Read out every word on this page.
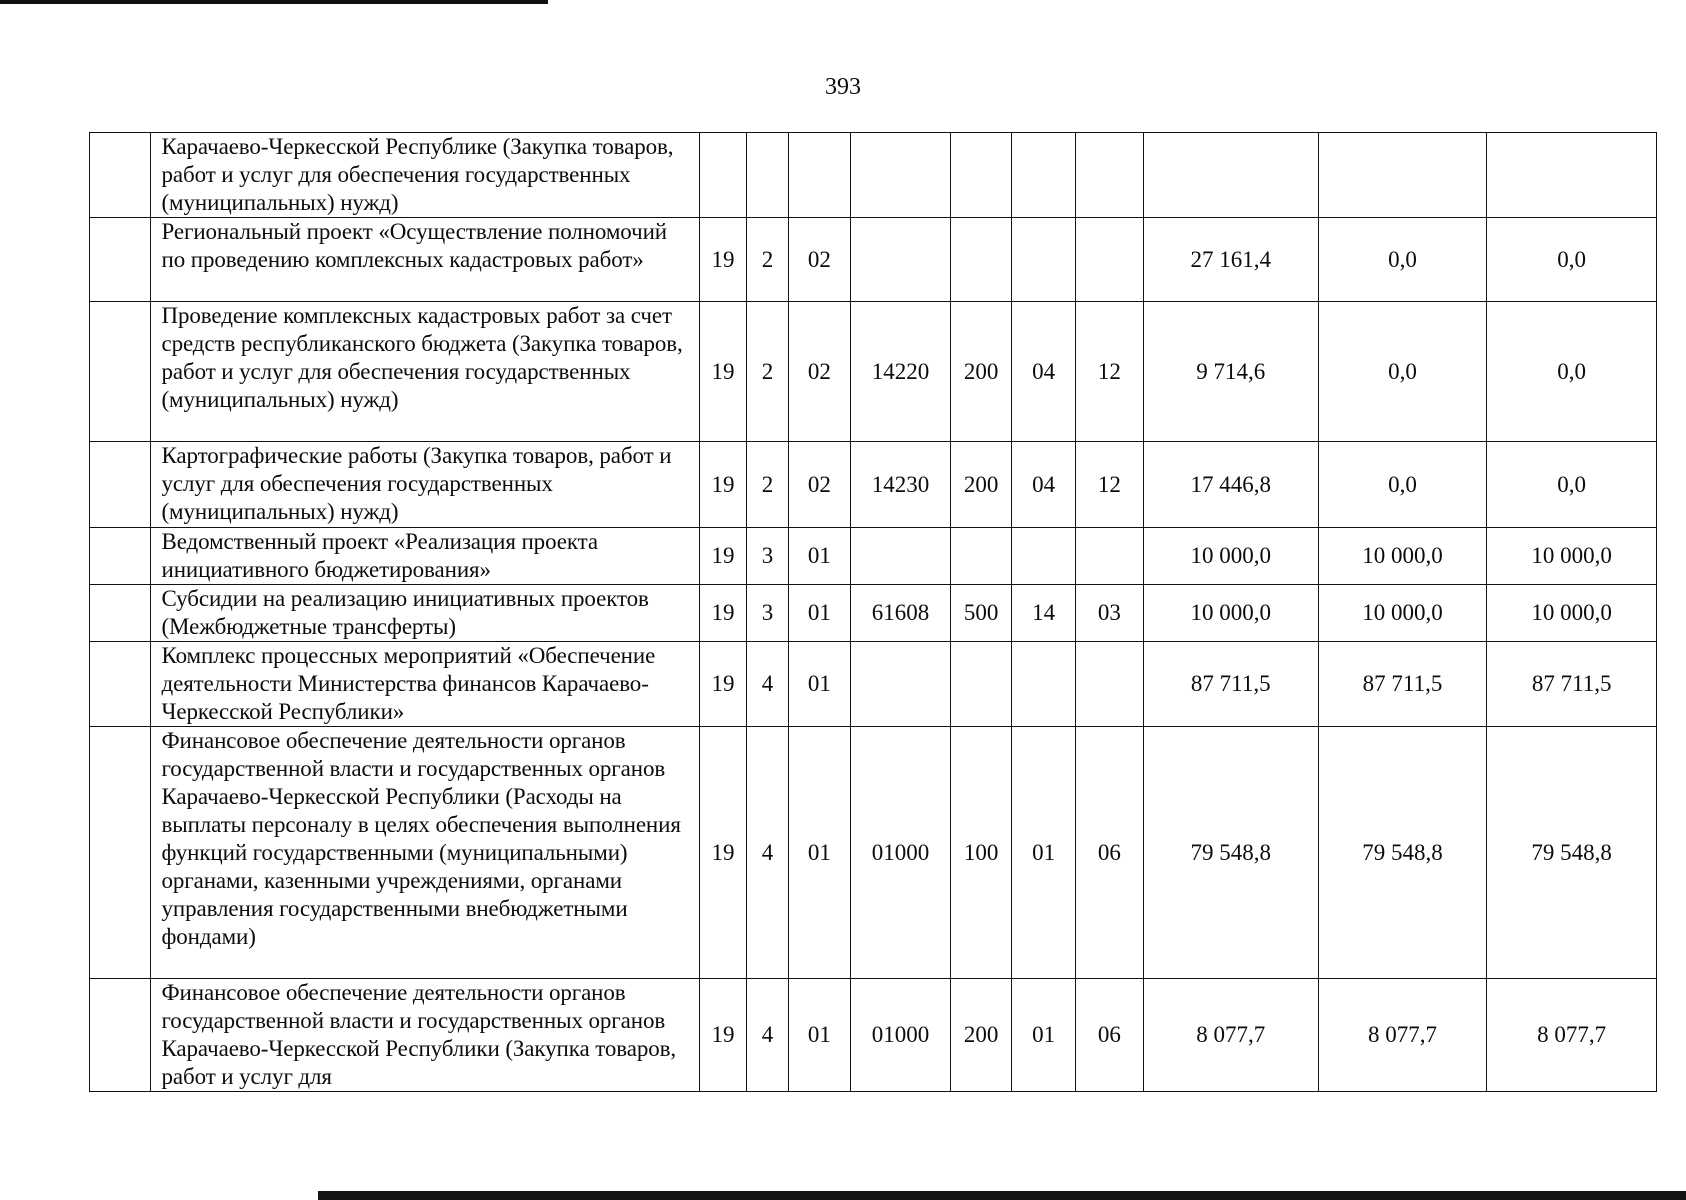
393
	Карачаево-Черкесской Республике (Закупка товаров, работ и услуг для обеспечения государственных (муниципальных) нужд)										
	Региональный проект «Осуществление полномочий по проведению комплексных кадастровых работ»	19	2	02					27 161,4	0,0	0,0
	Проведение комплексных кадастровых работ за счет средств республиканского бюджета (Закупка товаров, работ и услуг для обеспечения государственных (муниципальных) нужд)	19	2	02	14220	200	04	12	9 714,6	0,0	0,0
	Картографические работы (Закупка товаров, работ и услуг для обеспечения государственных (муниципальных) нужд)	19	2	02	14230	200	04	12	17 446,8	0,0	0,0
	Ведомственный проект «Реализация проекта инициативного бюджетирования»	19	3	01					10 000,0	10 000,0	10 000,0
	Субсидии на реализацию инициативных проектов (Межбюджетные трансферты)	19	3	01	61608	500	14	03	10 000,0	10 000,0	10 000,0
	Комплекс процессных мероприятий «Обеспечение деятельности Министерства финансов Карачаево-Черкесской Республики»	19	4	01					87 711,5	87 711,5	87 711,5
	Финансовое обеспечение деятельности органов государственной власти и государственных органов Карачаево-Черкесской Республики (Расходы на выплаты персоналу в целях обеспечения выполнения функций государственными (муниципальными) органами, казенными учреждениями, органами управления государственными внебюджетными фондами)	19	4	01	01000	100	01	06	79 548,8	79 548,8	79 548,8
	Финансовое обеспечение деятельности органов государственной власти и государственных органов Карачаево-Черкесской Республики (Закупка товаров, работ и услуг для	19	4	01	01000	200	01	06	8 077,7	8 077,7	8 077,7
